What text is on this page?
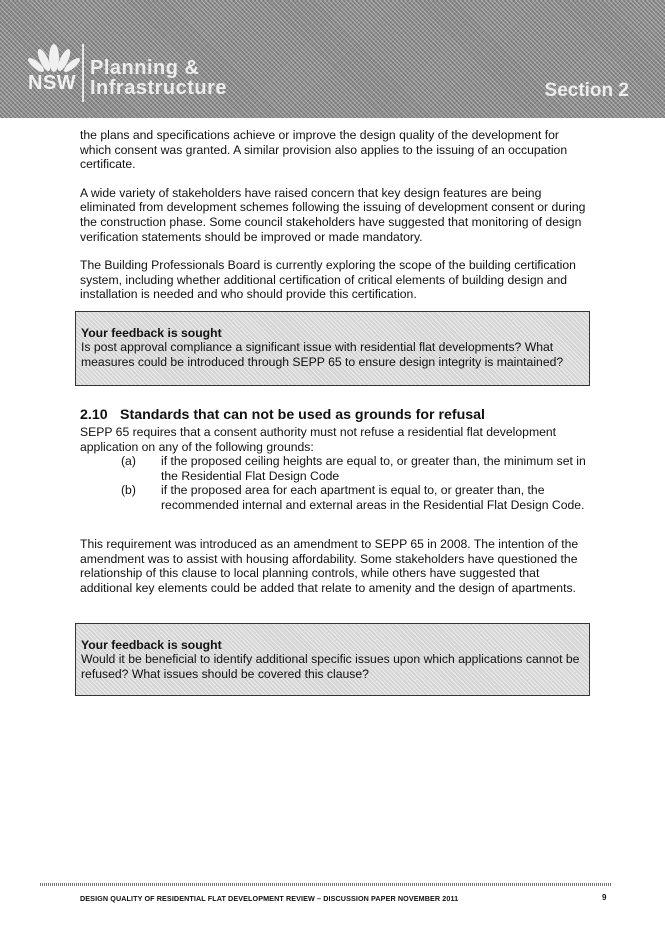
NSW
Planning &
Infrastructure	Section 2

the plans and specifications achieve or improve the design quality of the development for which consent was granted. A similar provision also applies to the issuing of an occupation certificate.

A wide variety of stakeholders have raised concern that key design features are being eliminated from development schemes following the issuing of development consent or during the construction phase. Some council stakeholders have suggested that monitoring of design verification statements should be improved or made mandatory.

The Building Professionals Board is currently exploring the scope of the building certification system, including whether additional certification of critical elements of building design and installation is needed and who should provide this certification.

Your feedback is sought
Is post approval compliance a significant issue with residential flat developments? What measures could be introduced through SEPP 65 to ensure design integrity is maintained?
2.10 Standards that can not be used as grounds for refusal

SEPP 65 requires that a consent authority must not refuse a residential flat development application on any of the following grounds:

(a)	if the proposed ceiling heights are equal to, or greater than, the minimum set in the Residential Flat Design Code
(b)	if the proposed area for each apartment is equal to, or greater than, the recommended internal and external areas in the Residential Flat Design Code.

This requirement was introduced as an amendment to SEPP 65 in 2008. The intention of the amendment was to assist with housing affordability. Some stakeholders have questioned the relationship of this clause to local planning controls, while others have suggested that additional key elements could be added that relate to amenity and the design of apartments.

Your feedback is sought
Would it be beneficial to identify additional specific issues upon which applications cannot be refused? What issues should be covered this clause?
DESIGN QUALITY OF RESIDENTIAL FLAT DEVELOPMENT REVIEW – DISCUSSION PAPER NOVEMBER 2011	9
